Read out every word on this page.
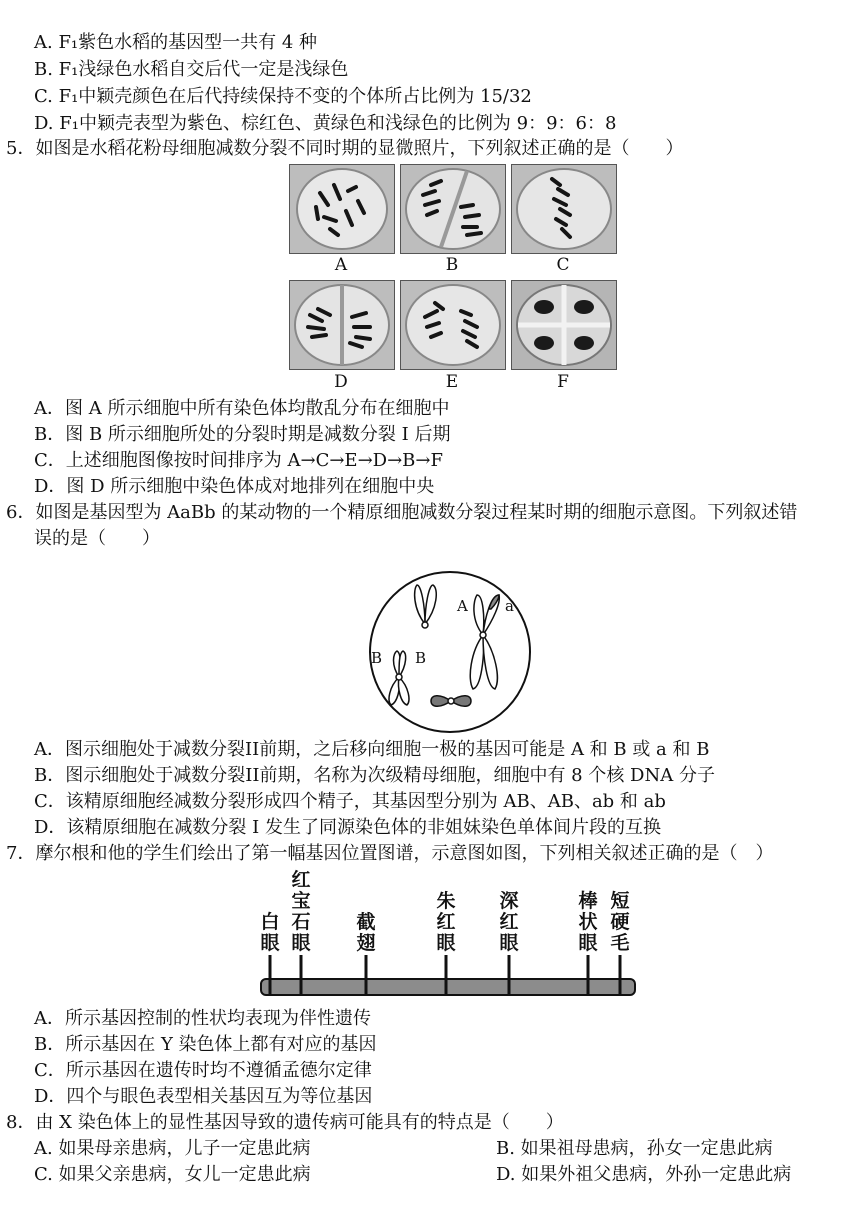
A. F₁紫色水稻的基因型一共有 4 种
B. F₁浅绿色水稻自交后代一定是浅绿色
C. F₁中颖壳颜色在后代持续保持不变的个体所占比例为 15/32
D. F₁中颖壳表型为紫色、棕红色、黄绿色和浅绿色的比例为 9：9：6：8
5．如图是水稻花粉母细胞减数分裂不同时期的显微照片，下列叙述正确的是（　　）
A	B	C
D	E	F
A．图 A 所示细胞中所有染色体均散乱分布在细胞中
B．图 B 所示细胞所处的分裂时期是减数分裂 I 后期
C．上述细胞图像按时间排序为 A→C→E→D→B→F
D．图 D 所示细胞中染色体成对地排列在细胞中央
6．如图是基因型为 AaBb 的某动物的一个精原细胞减数分裂过程某时期的细胞示意图。下列叙述错
误的是（　　）
A a
B B
A．图示细胞处于减数分裂II前期，之后移向细胞一极的基因可能是 A 和 B 或 a 和 B
B．图示细胞处于减数分裂II前期，名称为次级精母细胞，细胞中有 8 个核 DNA 分子
C．该精原细胞经减数分裂形成四个精子，其基因型分别为 AB、AB、ab 和 ab
D．该精原细胞在减数分裂 I 发生了同源染色体的非姐妹染色单体间片段的互换
7．摩尔根和他的学生们绘出了第一幅基因位置图谱，示意图如图，下列相关叙述正确的是（　）
白眼
红宝石眼
截翅
朱红眼
深红眼
棒状眼
短硬毛
A．所示基因控制的性状均表现为伴性遗传
B．所示基因在 Y 染色体上都有对应的基因
C．所示基因在遗传时均不遵循孟德尔定律
D．四个与眼色表型相关基因互为等位基因
8．由 X 染色体上的显性基因导致的遗传病可能具有的特点是（　　）
A. 如果母亲患病，儿子一定患此病	B. 如果祖母患病，孙女一定患此病
C. 如果父亲患病，女儿一定患此病	D. 如果外祖父患病，外孙一定患此病
